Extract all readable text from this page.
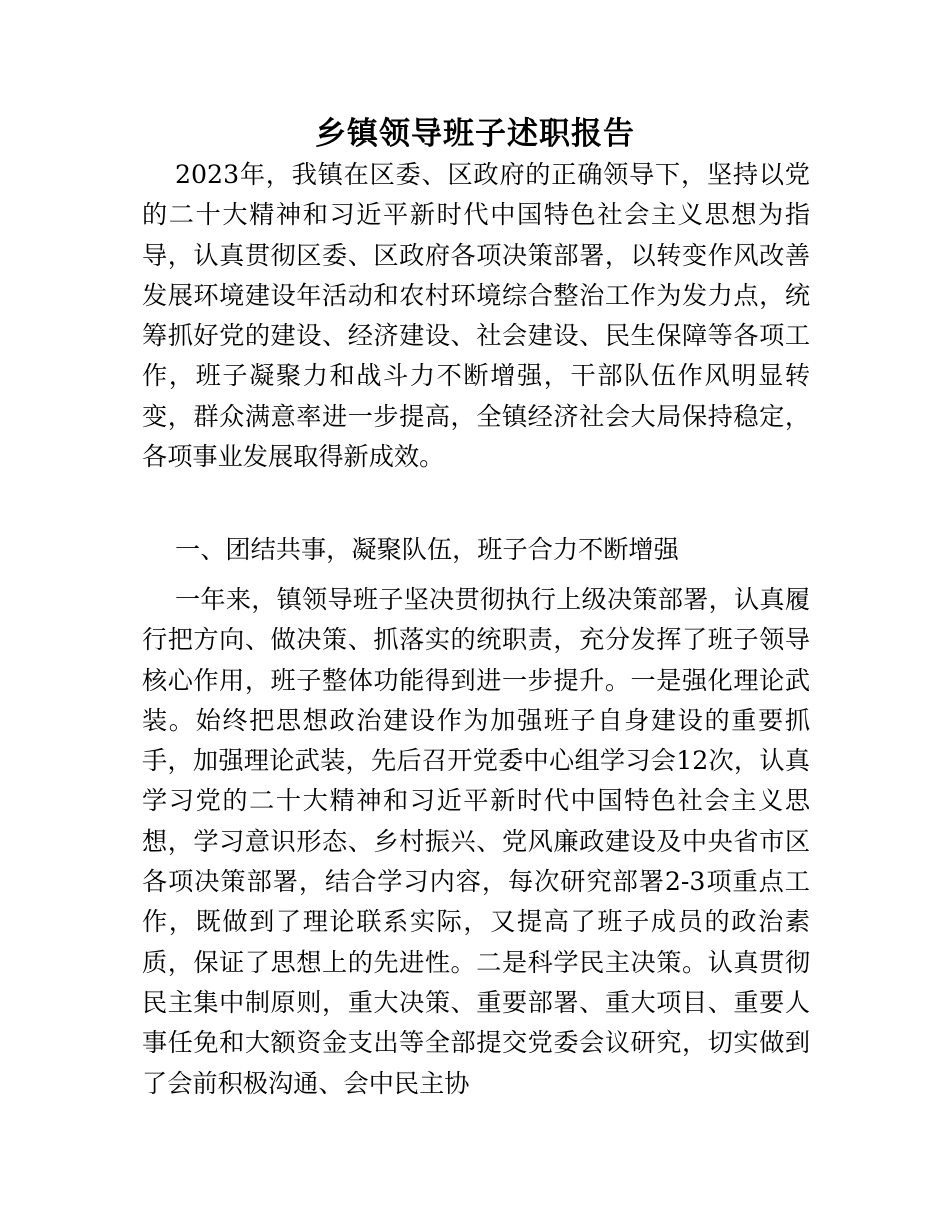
乡镇领导班子述职报告

2023年，我镇在区委、区政府的正确领导下，坚持以党的二十大精神和习近平新时代中国特色社会主义思想为指导，认真贯彻区委、区政府各项决策部署，以转变作风改善发展环境建设年活动和农村环境综合整治工作为发力点，统筹抓好党的建设、经济建设、社会建设、民生保障等各项工作，班子凝聚力和战斗力不断增强，干部队伍作风明显转变，群众满意率进一步提高，全镇经济社会大局保持稳定，各项事业发展取得新成效。

一、团结共事，凝聚队伍，班子合力不断增强

一年来，镇领导班子坚决贯彻执行上级决策部署，认真履行把方向、做决策、抓落实的统职责，充分发挥了班子领导核心作用，班子整体功能得到进一步提升。一是强化理论武装。始终把思想政治建设作为加强班子自身建设的重要抓手，加强理论武装，先后召开党委中心组学习会12次，认真学习党的二十大精神和习近平新时代中国特色社会主义思想，学习意识形态、乡村振兴、党风廉政建设及中央省市区各项决策部署，结合学习内容，每次研究部署2-3项重点工作，既做到了理论联系实际，又提高了班子成员的政治素质，保证了思想上的先进性。二是科学民主决策。认真贯彻民主集中制原则，重大决策、重要部署、重大项目、重要人事任免和大额资金支出等全部提交党委会议研究，切实做到了会前积极沟通、会中民主协
